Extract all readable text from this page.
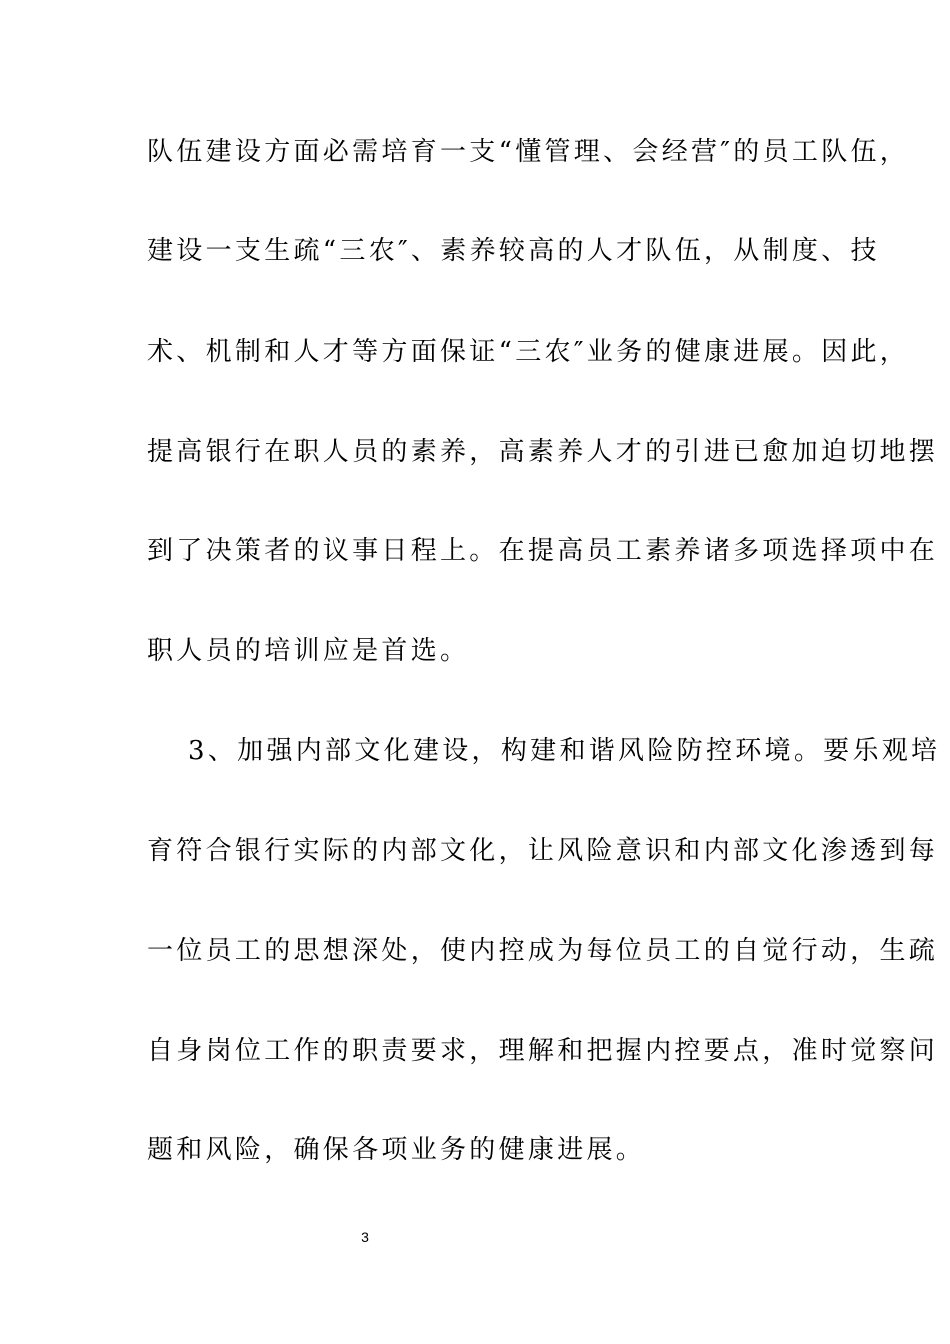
队伍建设方面必需培育一支“懂管理、会经营″的员工队伍，
建设一支生疏“三农″、素养较高的人才队伍，从制度、技
术、机制和人才等方面保证“三农″业务的健康进展。因此，
提高银行在职人员的素养，高素养人才的引进已愈加迫切地摆
到了决策者的议事日程上。在提高员工素养诸多项选择项中在
职人员的培训应是首选。
3、加强内部文化建设，构建和谐风险防控环境。要乐观培
育符合银行实际的内部文化，让风险意识和内部文化渗透到每
一位员工的思想深处，使内控成为每位员工的自觉行动，生疏
自身岗位工作的职责要求，理解和把握内控要点，准时觉察问
题和风险，确保各项业务的健康进展。
3
